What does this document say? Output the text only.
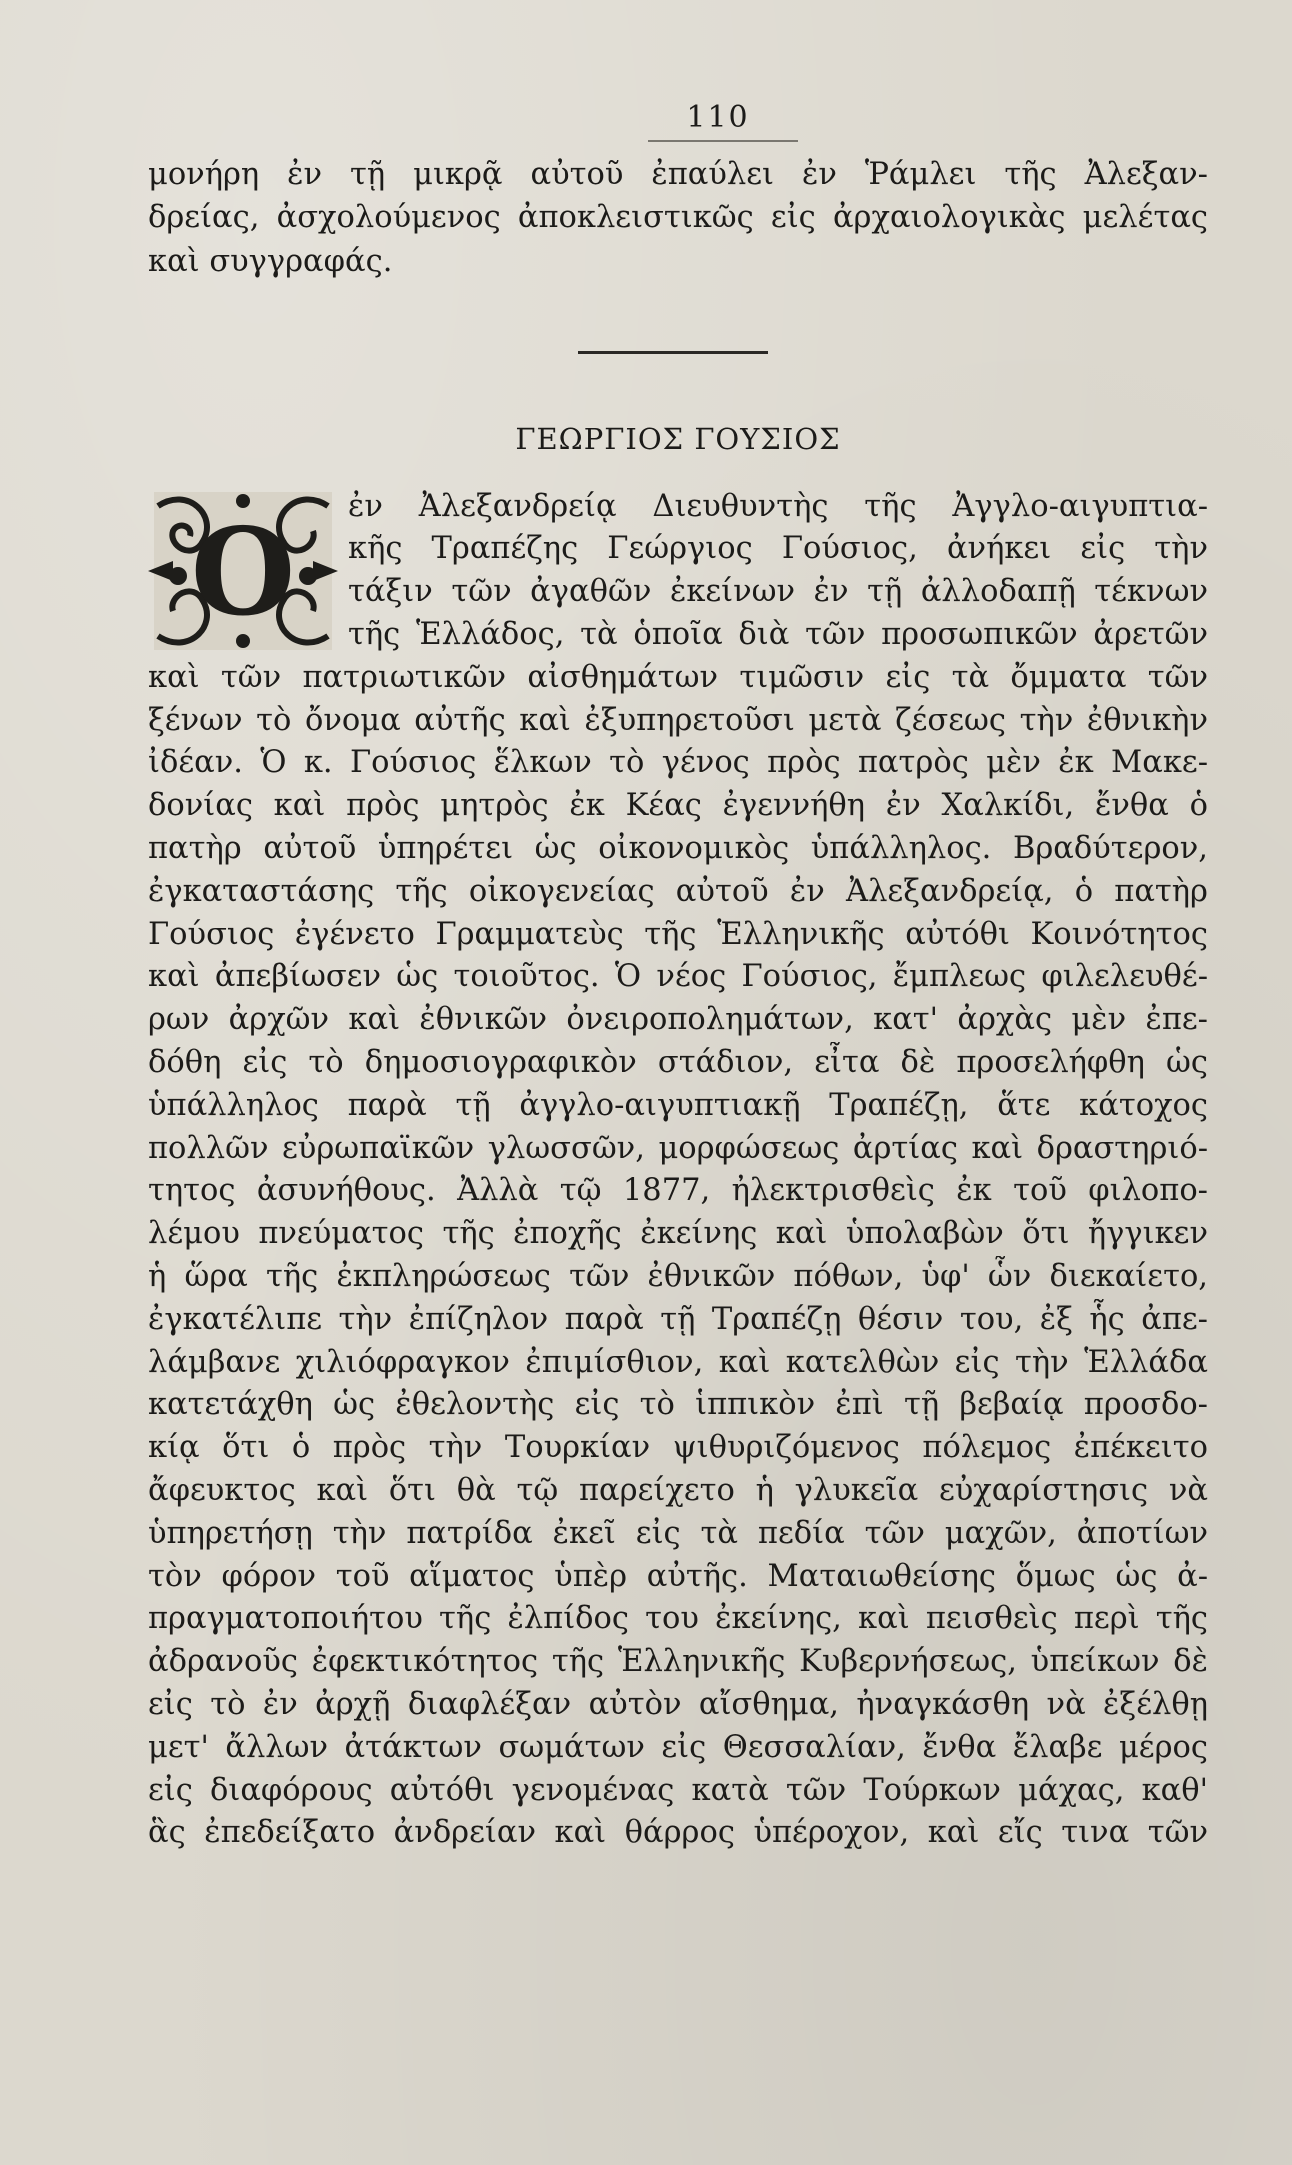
110
μονήρη ἐν τῇ μικρᾷ αὐτοῦ ἐπαύλει ἐν Ῥάμλει τῆς Ἀλεξαν-
δρείας, ἀσχολούμενος ἀποκλειστικῶς εἰς ἀρχαιολογικὰς μελέτας
καὶ συγγραφάς.
ΓΕΩΡΓΙΟΣ ΓΟΥΣΙΟΣ
Ο	ἐν Ἀλεξανδρείᾳ Διευθυντὴς τῆς Ἀγγλο-αιγυπτια-
κῆς Τραπέζης Γεώργιος Γούσιος, ἀνήκει εἰς τὴν
τάξιν τῶν ἀγαθῶν ἐκείνων ἐν τῇ ἀλλοδαπῇ τέκνων
τῆς Ἑλλάδος, τὰ ὁποῖα διὰ τῶν προσωπικῶν ἀρετῶν
καὶ τῶν πατριωτικῶν αἰσθημάτων τιμῶσιν εἰς τὰ ὄμματα τῶν
ξένων τὸ ὄνομα αὐτῆς καὶ ἐξυπηρετοῦσι μετὰ ζέσεως τὴν ἐθνικὴν
ἰδέαν. Ὁ κ. Γούσιος ἕλκων τὸ γένος πρὸς πατρὸς μὲν ἐκ Μακε-
δονίας καὶ πρὸς μητρὸς ἐκ Κέας ἐγεννήθη ἐν Χαλκίδι, ἔνθα ὁ
πατὴρ αὐτοῦ ὑπηρέτει ὡς οἰκονομικὸς ὑπάλληλος. Βραδύτερον,
ἐγκαταστάσης τῆς οἰκογενείας αὐτοῦ ἐν Ἀλεξανδρείᾳ, ὁ πατὴρ
Γούσιος ἐγένετο Γραμματεὺς τῆς Ἑλληνικῆς αὐτόθι Κοινότητος
καὶ ἀπεβίωσεν ὡς τοιοῦτος. Ὁ νέος Γούσιος, ἔμπλεως φιλελευθέ-
ρων ἀρχῶν καὶ ἐθνικῶν ὀνειροπολημάτων, κατ' ἀρχὰς μὲν ἐπε-
δόθη εἰς τὸ δημοσιογραφικὸν στάδιον, εἶτα δὲ προσελήφθη ὡς
ὑπάλληλος παρὰ τῇ ἀγγλο-αιγυπτιακῇ Τραπέζῃ, ἅτε κάτοχος
πολλῶν εὐρωπαϊκῶν γλωσσῶν, μορφώσεως ἀρτίας καὶ δραστηριό-
τητος ἀσυνήθους. Ἀλλὰ τῷ 1877, ἠλεκτρισθεὶς ἐκ τοῦ φιλοπο-
λέμου πνεύματος τῆς ἐποχῆς ἐκείνης καὶ ὑπολαβὼν ὅτι ἤγγικεν
ἡ ὥρα τῆς ἐκπληρώσεως τῶν ἐθνικῶν πόθων, ὑφ' ὧν διεκαίετο,
ἐγκατέλιπε τὴν ἐπίζηλον παρὰ τῇ Τραπέζῃ θέσιν του, ἐξ ἧς ἀπε-
λάμβανε χιλιόφραγκον ἐπιμίσθιον, καὶ κατελθὼν εἰς τὴν Ἑλλάδα
κατετάχθη ὡς ἐθελοντὴς εἰς τὸ ἱππικὸν ἐπὶ τῇ βεβαίᾳ προσδο-
κίᾳ ὅτι ὁ πρὸς τὴν Τουρκίαν ψιθυριζόμενος πόλεμος ἐπέκειτο
ἄφευκτος καὶ ὅτι θὰ τῷ παρείχετο ἡ γλυκεῖα εὐχαρίστησις νὰ
ὑπηρετήσῃ τὴν πατρίδα ἐκεῖ εἰς τὰ πεδία τῶν μαχῶν, ἀποτίων
τὸν φόρον τοῦ αἵματος ὑπὲρ αὐτῆς. Ματαιωθείσης ὅμως ὡς ἀ-
πραγματοποιήτου τῆς ἐλπίδος του ἐκείνης, καὶ πεισθεὶς περὶ τῆς
ἀδρανοῦς ἐφεκτικότητος τῆς Ἑλληνικῆς Κυβερνήσεως, ὑπείκων δὲ
εἰς τὸ ἐν ἀρχῇ διαφλέξαν αὐτὸν αἴσθημα, ἠναγκάσθη νὰ ἐξέλθῃ
μετ' ἄλλων ἀτάκτων σωμάτων εἰς Θεσσαλίαν, ἔνθα ἔλαβε μέρος
εἰς διαφόρους αὐτόθι γενομένας κατὰ τῶν Τούρκων μάχας, καθ'
ἃς ἐπεδείξατο ἀνδρείαν καὶ θάρρος ὑπέροχον, καὶ εἴς τινα τῶν
